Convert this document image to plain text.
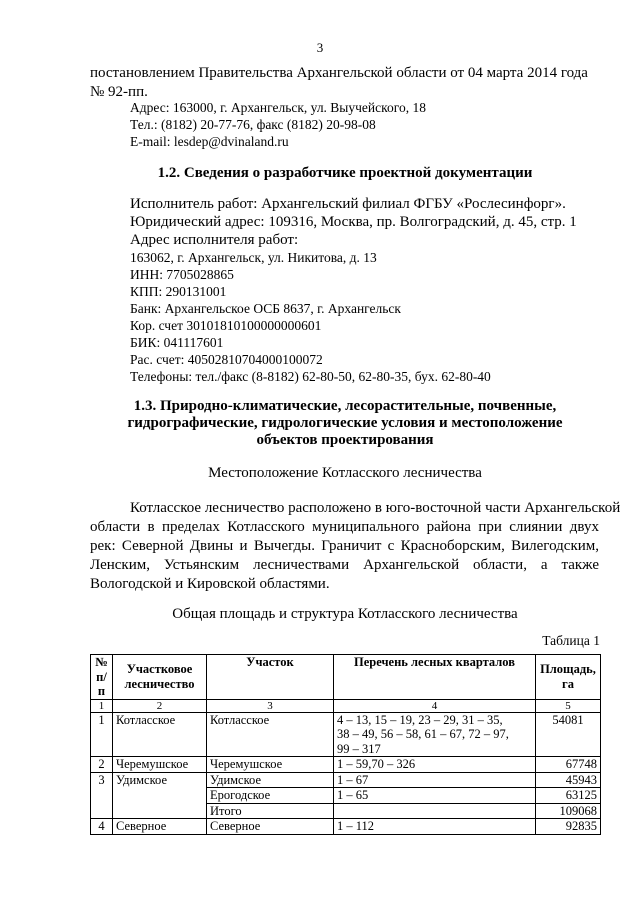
3
постановлением Правительства Архангельской области от 04 марта 2014 года
№ 92-пп.
Адрес: 163000, г. Архангельск, ул. Выучейского, 18
Тел.: (8182) 20-77-76, факс (8182) 20-98-08
E-mail: lesdep@dvinaland.ru
1.2. Сведения о разработчике проектной документации
Исполнитель работ: Архангельский филиал ФГБУ «Рослесинфорг».
Юридический адрес: 109316, Москва, пр. Волгоградский, д. 45, стр. 1
Адрес исполнителя работ:
163062, г. Архангельск, ул. Никитова, д. 13
ИНН: 7705028865
КПП: 290131001
Банк: Архангельское ОСБ 8637, г. Архангельск
Кор. счет 30101810100000000601
БИК: 041117601
Рас. счет: 40502810704000100072
Телефоны: тел./факс (8-8182) 62-80-50, 62-80-35, бух. 62-80-40
1.3. Природно-климатические, лесорастительные, почвенные,
гидрографические, гидрологические условия и местоположение
объектов проектирования
Местоположение Котласского лесничества
Котласское лесничество расположено в юго-восточной части Архангельской
области в пределах Котласского муниципального района при слиянии двух
рек: Северной Двины и Вычегды. Граничит с Красноборским, Вилегодским,
Ленским, Устьянским лесничествами Архангельской области, а также
Вологодской и Кировской областями.
Общая площадь и структура Котласского лесничества
Таблица 1
№ п/п	Участковое лесничество	Участок	Перечень лесных кварталов	Площадь, га
1	2	3	4	5
1	Котласское	Котласское	4 – 13, 15 – 19, 23 – 29, 31 – 35,
38 – 49, 56 – 58, 61 – 67, 72 – 97,
99 – 317	54081
2	Черемушское	Черемушское	1 – 59,70 – 326	67748
3	Удимское	Удимское	1 – 67	45943
		Ерогодское	1 – 65	63125
		Итого		109068
4	Северное	Северное	1 – 112	92835
